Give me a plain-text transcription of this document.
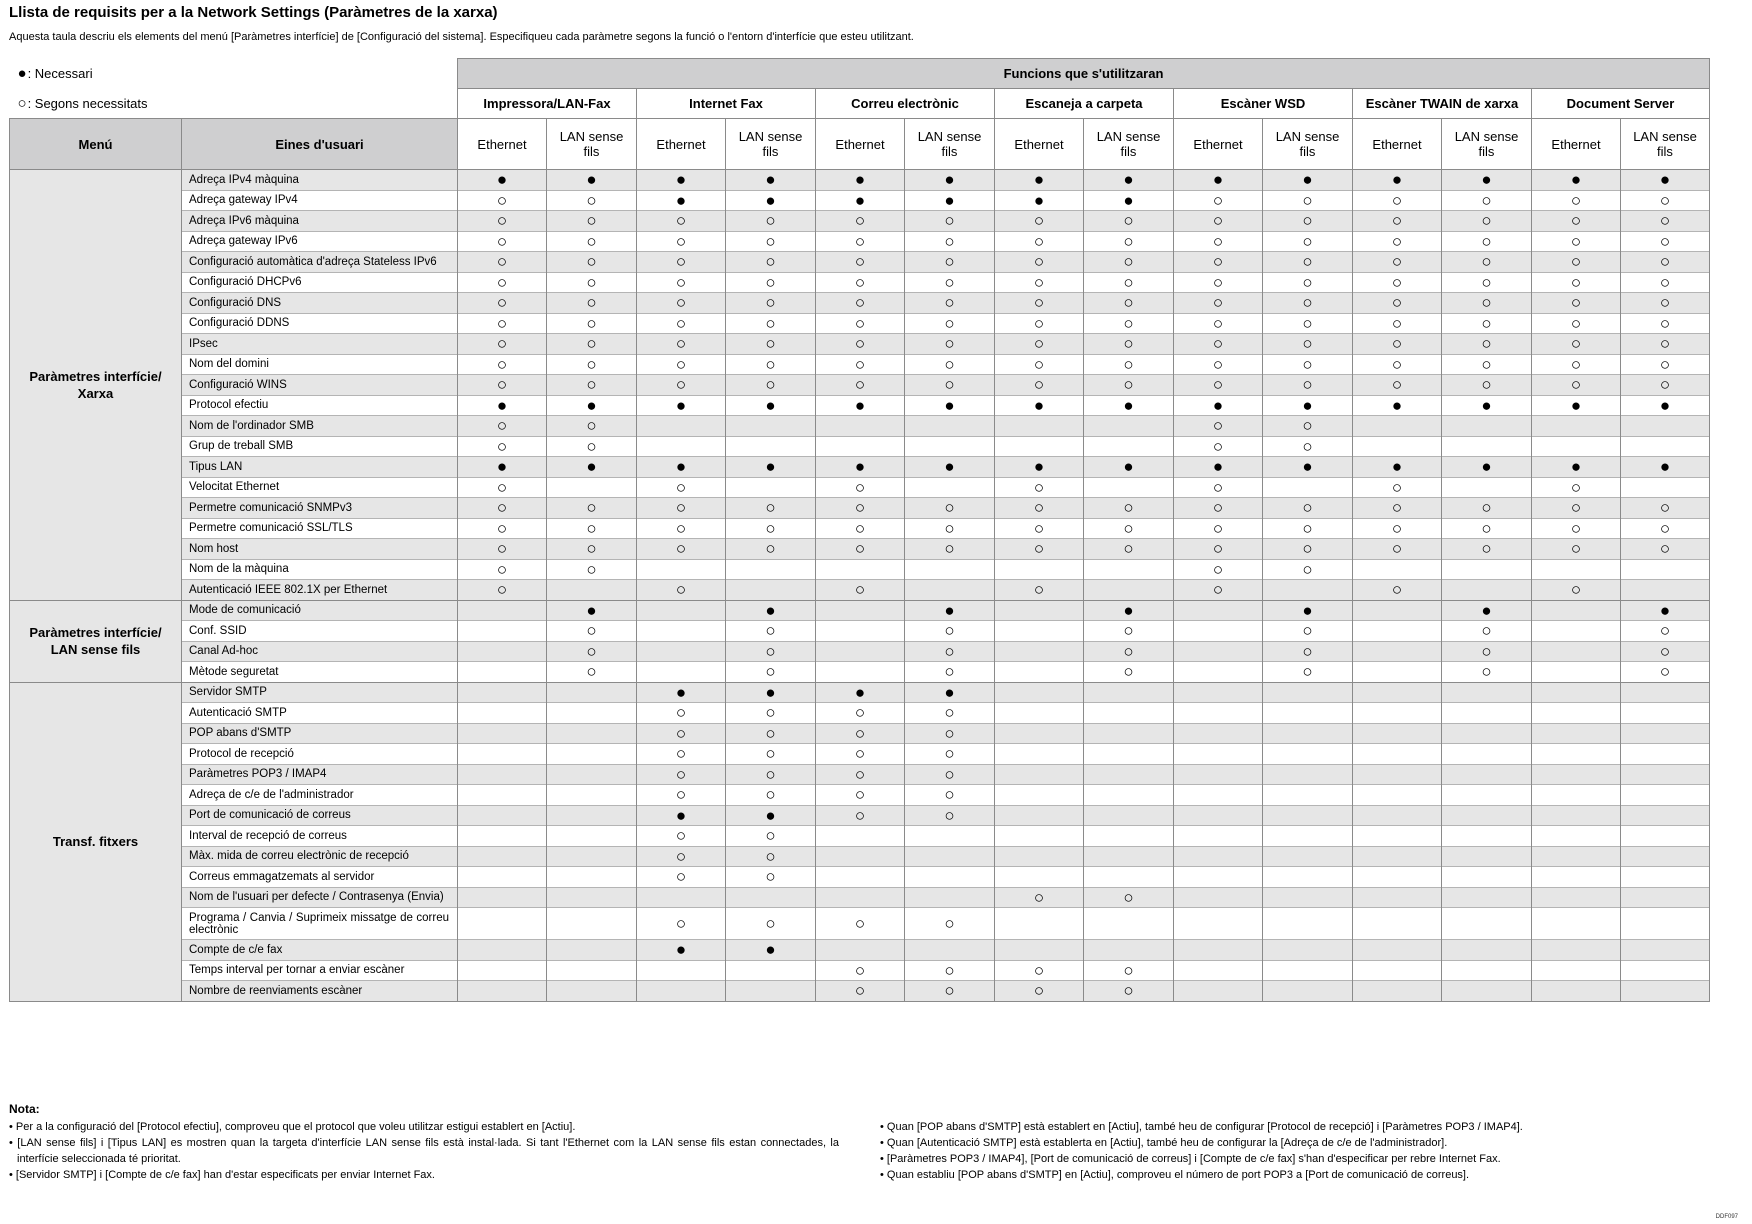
Llista de requisits per a la Network Settings (Paràmetres de la xarxa)
Aquesta taula descriu els elements del menú [Paràmetres interfície] de [Configuració del sistema]. Especifiqueu cada paràmetre segons la funció o l'entorn d'interfície que esteu utilitzant.
●: Necessari		Funcions que s'utilitzaran													
○: Segons necessitats		Impressora/LAN-Fax		Internet Fax		Correu electrònic		Escaneja a carpeta		Escàner WSD		Escàner TWAIN de xarxa		Document Server	
Menú	Eines d'usuari	Ethernet	LAN sense fils	Ethernet	LAN sense fils	Ethernet	LAN sense fils	Ethernet	LAN sense fils	Ethernet	LAN sense fils	Ethernet	LAN sense fils	Ethernet	LAN sense fils
Paràmetres interfície/ Xarxa	Adreça IPv4 màquina	●	●	●	●	●	●	●	●	●	●	●	●	●	●
	Adreça gateway IPv4	○	○	●	●	●	●	●	●	○	○	○	○	○	○
	Adreça IPv6 màquina	○	○	○	○	○	○	○	○	○	○	○	○	○	○
	Adreça gateway IPv6	○	○	○	○	○	○	○	○	○	○	○	○	○	○
	Configuració automàtica d'adreça Stateless IPv6	○	○	○	○	○	○	○	○	○	○	○	○	○	○
	Configuració DHCPv6	○	○	○	○	○	○	○	○	○	○	○	○	○	○
	Configuració DNS	○	○	○	○	○	○	○	○	○	○	○	○	○	○
	Configuració DDNS	○	○	○	○	○	○	○	○	○	○	○	○	○	○
	IPsec	○	○	○	○	○	○	○	○	○	○	○	○	○	○
	Nom del domini	○	○	○	○	○	○	○	○	○	○	○	○	○	○
	Configuració WINS	○	○	○	○	○	○	○	○	○	○	○	○	○	○
	Protocol efectiu	●	●	●	●	●	●	●	●	●	●	●	●	●	●
	Nom de l'ordinador SMB	○	○							○	○				
	Grup de treball SMB	○	○							○	○				
	Tipus LAN	●	●	●	●	●	●	●	●	●	●	●	●	●	●
	Velocitat Ethernet	○		○		○		○		○		○		○	
	Permetre comunicació SNMPv3	○	○	○	○	○	○	○	○	○	○	○	○	○	○
	Permetre comunicació SSL/TLS	○	○	○	○	○	○	○	○	○	○	○	○	○	○
	Nom host	○	○	○	○	○	○	○	○	○	○	○	○	○	○
	Nom de la màquina	○	○							○	○				
	Autenticació IEEE 802.1X per Ethernet	○		○		○		○		○		○		○	
Paràmetres interfície/ LAN sense fils	Mode de comunicació		●		●		●		●		●		●		●
	Conf. SSID		○		○		○		○		○		○		○
	Canal Ad-hoc		○		○		○		○		○		○		○
	Mètode seguretat		○		○		○		○		○		○		○
Transf. fitxers	Servidor SMTP			●	●	●	●								
	Autenticació SMTP			○	○	○	○								
	POP abans d'SMTP			○	○	○	○								
	Protocol de recepció			○	○	○	○								
	Paràmetres POP3 / IMAP4			○	○	○	○								
	Adreça de c/e de l'administrador			○	○	○	○								
	Port de comunicació de correus			●	●	○	○								
	Interval de recepció de correus			○	○										
	Màx. mida de correu electrònic de recepció			○	○										
	Correus emmagatzemats al servidor			○	○										
	Nom de l'usuari per defecte / Contrasenya (Envia)							○	○						
	Programa / Canvia / Suprimeix missatge de correu electrònic			○	○	○	○								
	Compte de c/e fax			●	●										
	Temps interval per tornar a enviar escàner					○	○	○	○						
	Nombre de reenviaments escàner					○	○	○	○						
Nota:
• Per a la configuració del [Protocol efectiu], comproveu que el protocol que voleu utilitzar estigui establert en [Actiu].
• [LAN sense fils] i [Tipus LAN] es mostren quan la targeta d'interfície LAN sense fils està instal·lada. Si tant l'Ethernet com la LAN sense fils estan connectades, la interfície seleccionada té prioritat.
• [Servidor SMTP] i [Compte de c/e fax] han d'estar especificats per enviar Internet Fax.
• Quan [POP abans d'SMTP] està establert en [Actiu], també heu de configurar [Protocol de recepció] i [Paràmetres POP3 / IMAP4].
• Quan [Autenticació SMTP] està establerta en [Actiu], també heu de configurar la [Adreça de c/e de l'administrador].
• [Paràmetres POP3 / IMAP4], [Port de comunicació de correus] i [Compte de c/e fax] s'han d'especificar per rebre Internet Fax.
• Quan establiu [POP abans d'SMTP] en [Actiu], comproveu el número de port POP3 a [Port de comunicació de correus].
DDF097
